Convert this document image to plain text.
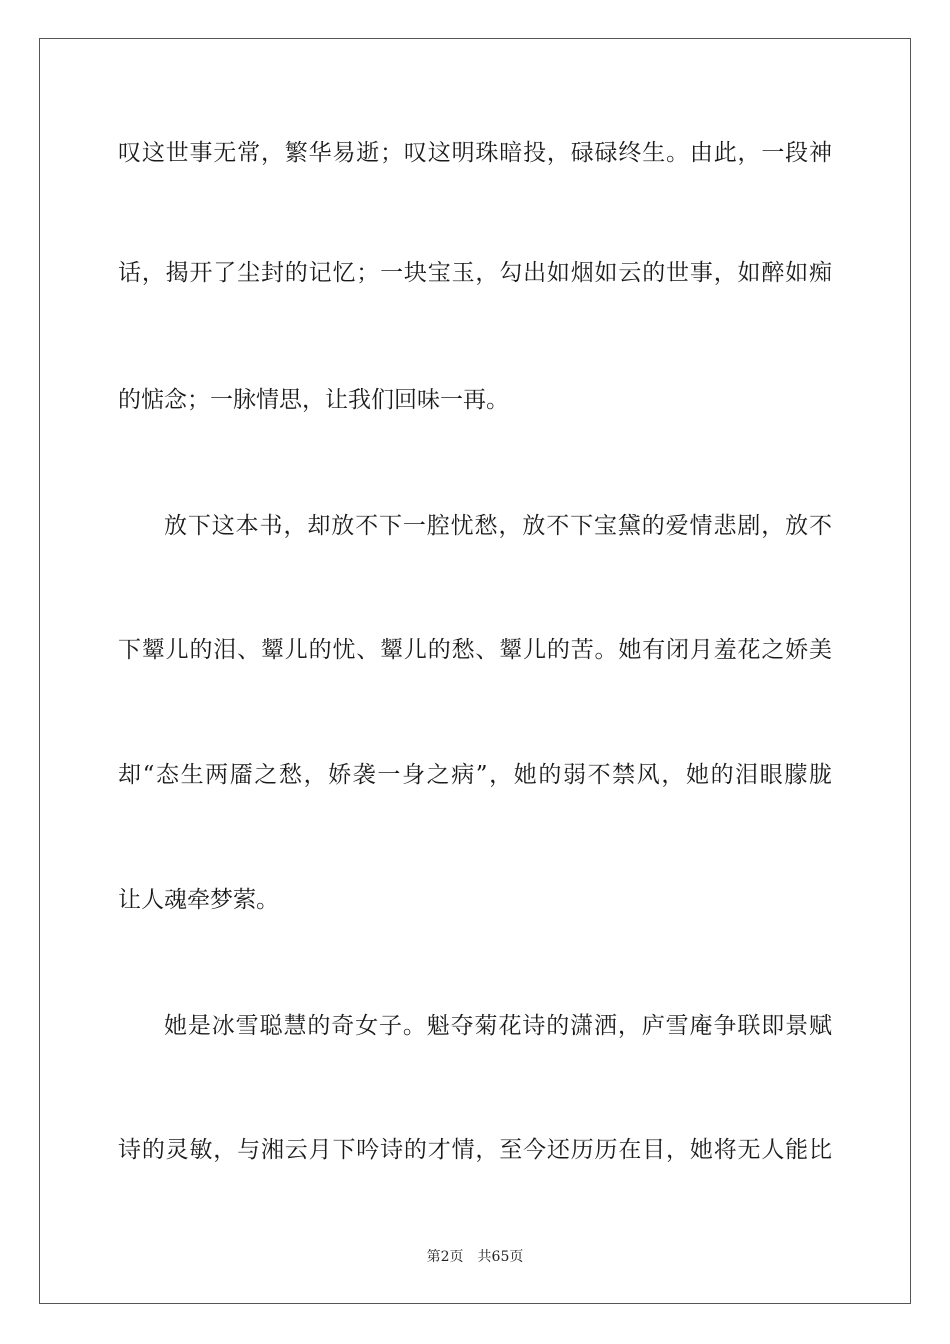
叹这世事无常，繁华易逝；叹这明珠暗投，碌碌终生。由此，一段神
话，揭开了尘封的记忆；一块宝玉，勾出如烟如云的世事，如醉如痴
的惦念；一脉情思，让我们回味一再。
放下这本书，却放不下一腔忧愁，放不下宝黛的爱情悲剧，放不
下颦儿的泪、颦儿的忧、颦儿的愁、颦儿的苦。她有闭月羞花之娇美
却“态生两靥之愁，娇袭一身之病”，她的弱不禁风，她的泪眼朦胧
让人魂牵梦萦。
她是冰雪聪慧的奇女子。魁夺菊花诗的潇洒，庐雪庵争联即景赋
诗的灵敏，与湘云月下吟诗的才情，至今还历历在目，她将无人能比
第2页 共65页
